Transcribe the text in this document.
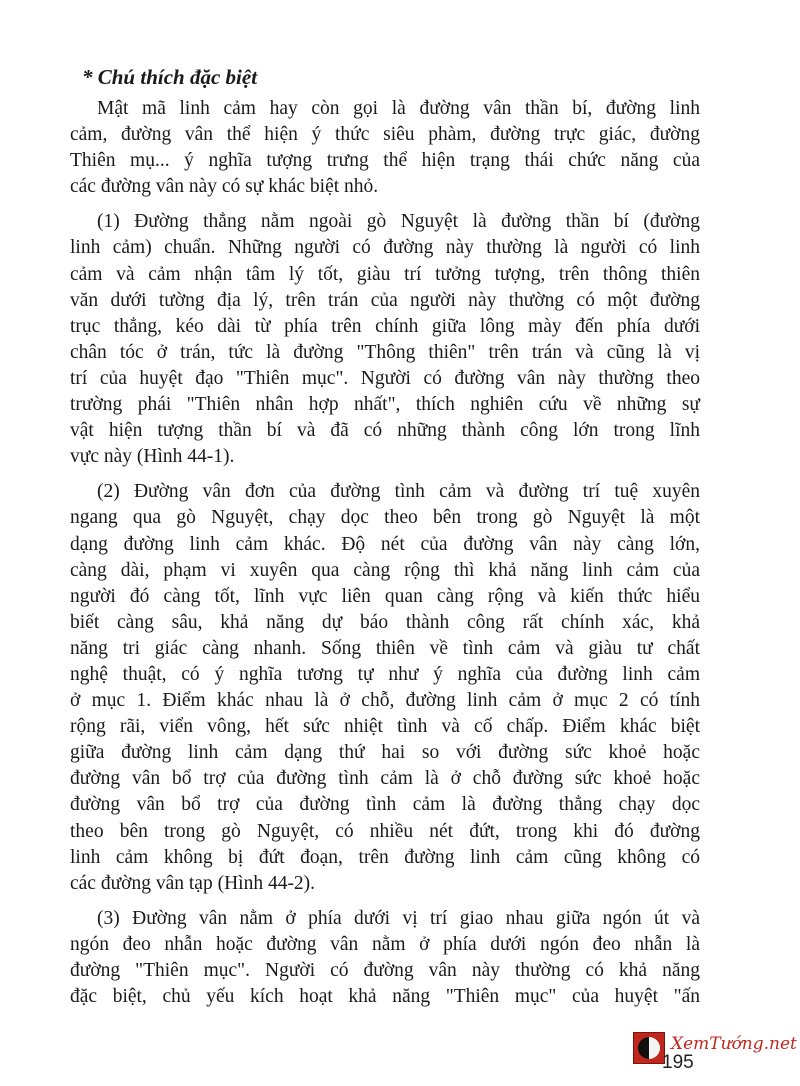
* Chú thích đặc biệt
Mật mã linh cảm hay còn gọi là đường vân thần bí, đường linh
cảm, đường vân thể hiện ý thức siêu phàm, đường trực giác, đường
Thiên mụ... ý nghĩa tượng trưng thể hiện trạng thái chức năng của
các đường vân này có sự khác biệt nhỏ.
(1) Đường thẳng nằm ngoài gò Nguyệt là đường thần bí (đường
linh cảm) chuẩn. Những người có đường này thường là người có linh
cảm và cảm nhận tâm lý tốt, giàu trí tưởng tượng, trên thông thiên
văn dưới tường địa lý, trên trán của người này thường có một đường
trục thẳng, kéo dài từ phía trên chính giữa lông mày đến phía dưới
chân tóc ở trán, tức là đường "Thông thiên" trên trán và cũng là vị
trí của huyệt đạo "Thiên mục". Người có đường vân này thường theo
trường phái "Thiên nhân hợp nhất", thích nghiên cứu về những sự
vật hiện tượng thần bí và đã có những thành công lớn trong lĩnh
vực này (Hình 44-1).
(2) Đường vân đơn của đường tình cảm và đường trí tuệ xuyên
ngang qua gò Nguyệt, chạy dọc theo bên trong gò Nguyệt là một
dạng đường linh cảm khác. Độ nét của đường vân này càng lớn,
càng dài, phạm vi xuyên qua càng rộng thì khả năng linh cảm của
người đó càng tốt, lĩnh vực liên quan càng rộng và kiến thức hiểu
biết càng sâu, khả năng dự báo thành công rất chính xác, khả
năng tri giác càng nhanh. Sống thiên về tình cảm và giàu tư chất
nghệ thuật, có ý nghĩa tương tự như ý nghĩa của đường linh cảm
ở mục 1. Điểm khác nhau là ở chỗ, đường linh cảm ở mục 2 có tính
rộng rãi, viển vông, hết sức nhiệt tình và cố chấp. Điểm khác biệt
giữa đường linh cảm dạng thứ hai so với đường sức khoẻ hoặc
đường vân bổ trợ của đường tình cảm là ở chỗ đường sức khoẻ hoặc
đường vân bổ trợ của đường tình cảm là đường thẳng chạy dọc
theo bên trong gò Nguyệt, có nhiều nét đứt, trong khi đó đường
linh cảm không bị đứt đoạn, trên đường linh cảm cũng không có
các đường vân tạp (Hình 44-2).
(3) Đường vân nằm ở phía dưới vị trí giao nhau giữa ngón út và
ngón đeo nhẫn hoặc đường vân nằm ở phía dưới ngón đeo nhẫn là
đường "Thiên mục". Người có đường vân này thường có khả năng
đặc biệt, chủ yếu kích hoạt khả năng "Thiên mục" của huyệt "ấn
XemTướng.net
195
